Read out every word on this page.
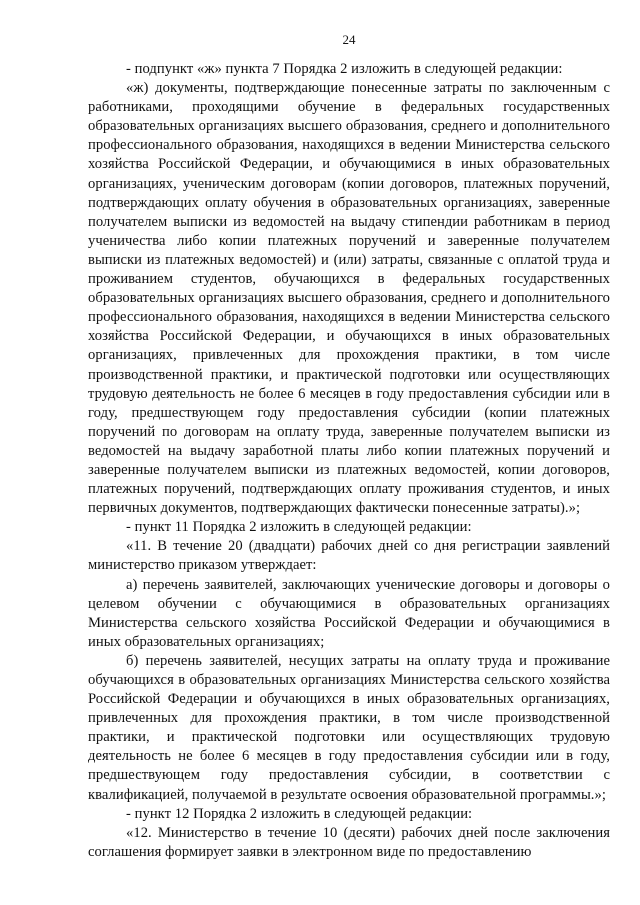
24

- подпункт «ж» пункта 7 Порядка 2 изложить в следующей редакции:

«ж) документы, подтверждающие понесенные затраты по заключенным с работниками, проходящими обучение в федеральных государственных образовательных организациях высшего образования, среднего и дополнительного профессионального образования, находящихся в ведении Министерства сельского хозяйства Российской Федерации, и обучающимися в иных образовательных организациях, ученическим договорам (копии договоров, платежных поручений, подтверждающих оплату обучения в образовательных организациях, заверенные получателем выписки из ведомостей на выдачу стипендии работникам в период ученичества либо копии платежных поручений и заверенные получателем выписки из платежных ведомостей) и (или) затраты, связанные с оплатой труда и проживанием студентов, обучающихся в федеральных государственных образовательных организациях высшего образования, среднего и дополнительного профессионального образования, находящихся в ведении Министерства сельского хозяйства Российской Федерации, и обучающихся в иных образовательных организациях, привлеченных для прохождения практики, в том числе производственной практики, и практической подготовки или осуществляющих трудовую деятельность не более 6 месяцев в году предоставления субсидии или в году, предшествующем году предоставления субсидии (копии платежных поручений по договорам на оплату труда, заверенные получателем выписки из ведомостей на выдачу заработной платы либо копии платежных поручений и заверенные получателем выписки из платежных ведомостей, копии договоров, платежных поручений, подтверждающих оплату проживания студентов, и иных первичных документов, подтверждающих фактически понесенные затраты).»;

- пункт 11 Порядка 2 изложить в следующей редакции:

«11. В течение 20 (двадцати) рабочих дней со дня регистрации заявлений министерство приказом утверждает:

а) перечень заявителей, заключающих ученические договоры и договоры о целевом обучении с обучающимися в образовательных организациях Министерства сельского хозяйства Российской Федерации и обучающимися в иных образовательных организациях;

б) перечень заявителей, несущих затраты на оплату труда и проживание обучающихся в образовательных организациях Министерства сельского хозяйства Российской Федерации и обучающихся в иных образовательных организациях, привлеченных для прохождения практики, в том числе производственной практики, и практической подготовки или осуществляющих трудовую деятельность не более 6 месяцев в году предоставления субсидии или в году, предшествующем году предоставления субсидии, в соответствии с квалификацией, получаемой в результате освоения образовательной программы.»;

- пункт 12 Порядка 2 изложить в следующей редакции:

«12. Министерство в течение 10 (десяти) рабочих дней после заключения соглашения формирует заявки в электронном виде по предоставлению
